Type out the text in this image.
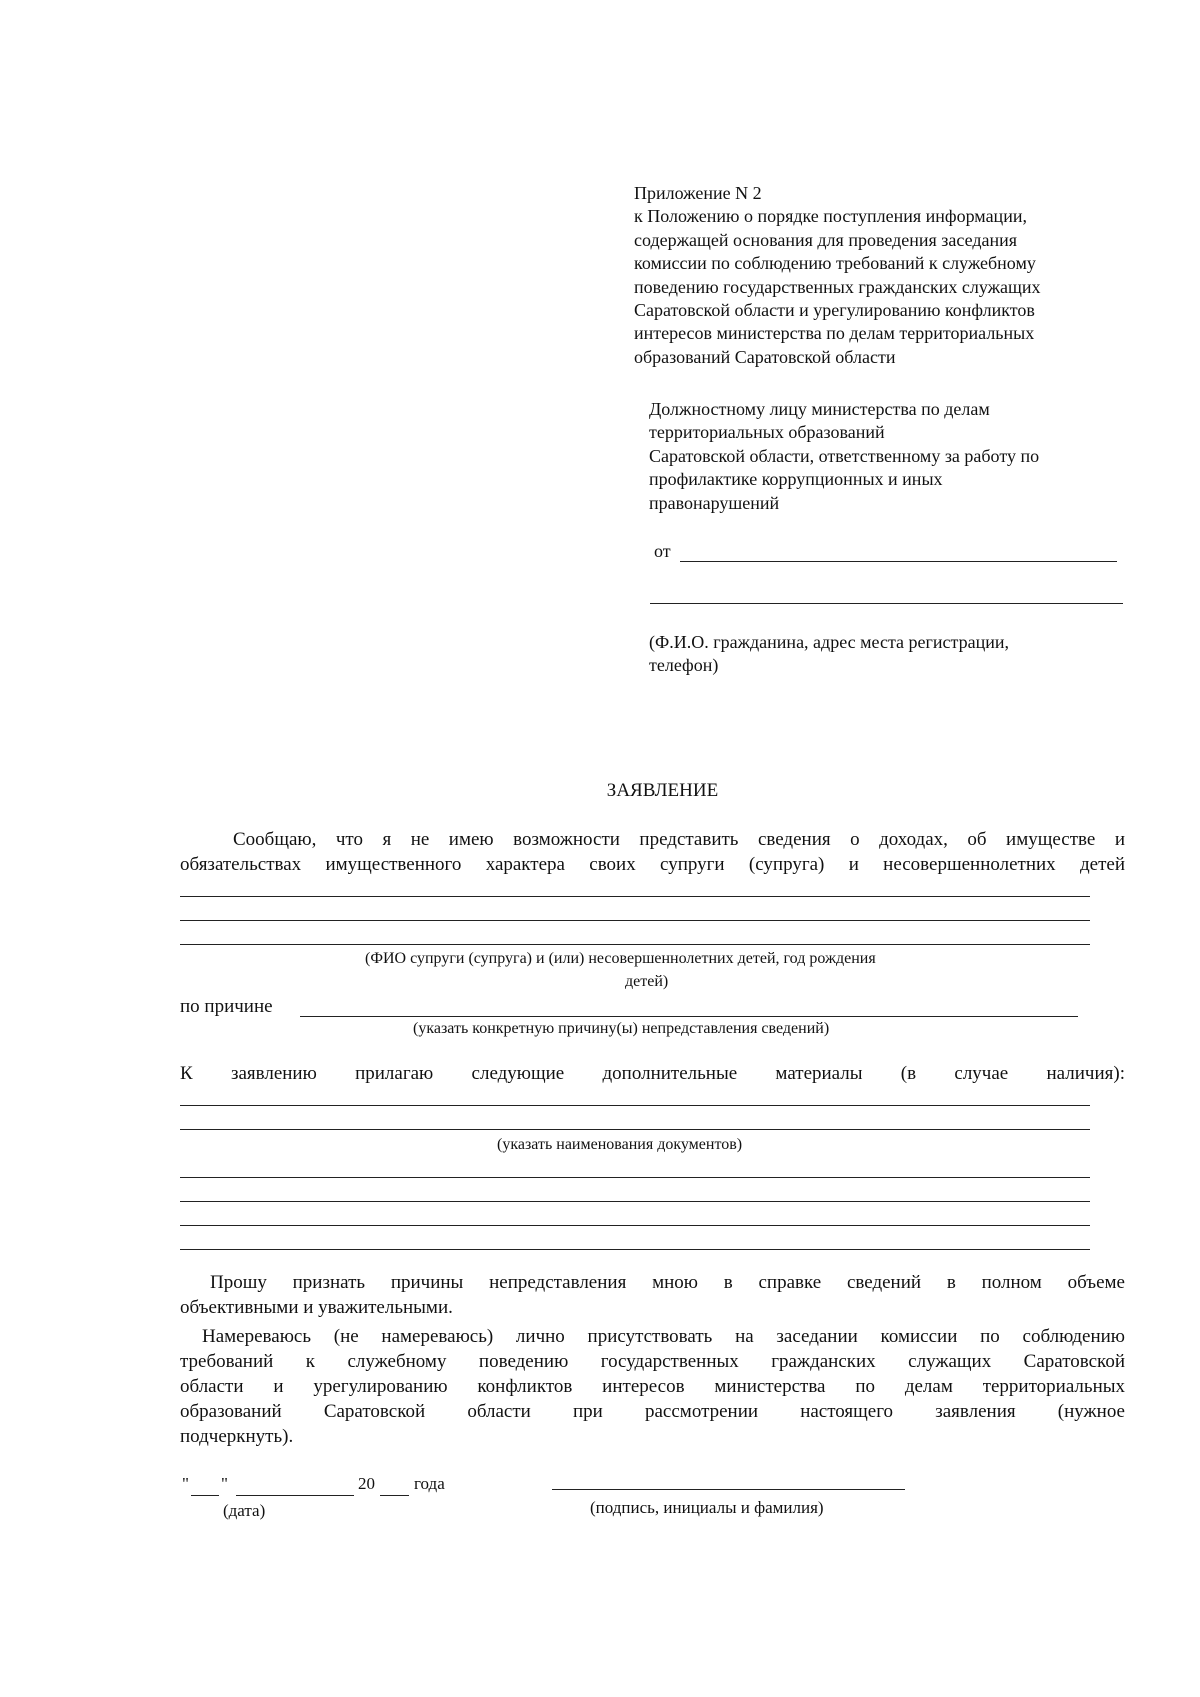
Приложение N 2
к Положению о порядке поступления информации,
содержащей основания для проведения заседания
комиссии по соблюдению требований к служебному
поведению государственных гражданских служащих
Саратовской области и урегулированию конфликтов
интересов министерства по делам территориальных
образований Саратовской области
Должностному лицу министерства по делам
территориальных образований
Саратовской области, ответственному за работу по
профилактике коррупционных и иных
правонарушений
от
(Ф.И.О. гражданина, адрес места регистрации,
телефон)
ЗАЯВЛЕНИЕ
Сообщаю, что я не имею возможности представить сведения о доходах, об имуществе и
обязательствах имущественного характера своих супруги (супруга) и несовершеннолетних детей
(ФИО супруги (супруга) и (или) несовершеннолетних детей, год рождения
детей)
по причине
(указать конкретную причину(ы) непредставления сведений)
К заявлению прилагаю следующие дополнительные материалы (в случае наличия):
(указать наименования документов)
Прошу признать причины непредставления мною в справке сведений в полном объеме
объективными и уважительными.
Намереваюсь (не намереваюсь) лично присутствовать на заседании комиссии по соблюдению
требований к служебному поведению государственных гражданских служащих Саратовской
области и урегулированию конфликтов интересов министерства по делам территориальных
образований Саратовской области при рассмотрении настоящего заявления (нужное
подчеркнуть).
" "	20 года
(дата)	(подпись, инициалы и фамилия)
